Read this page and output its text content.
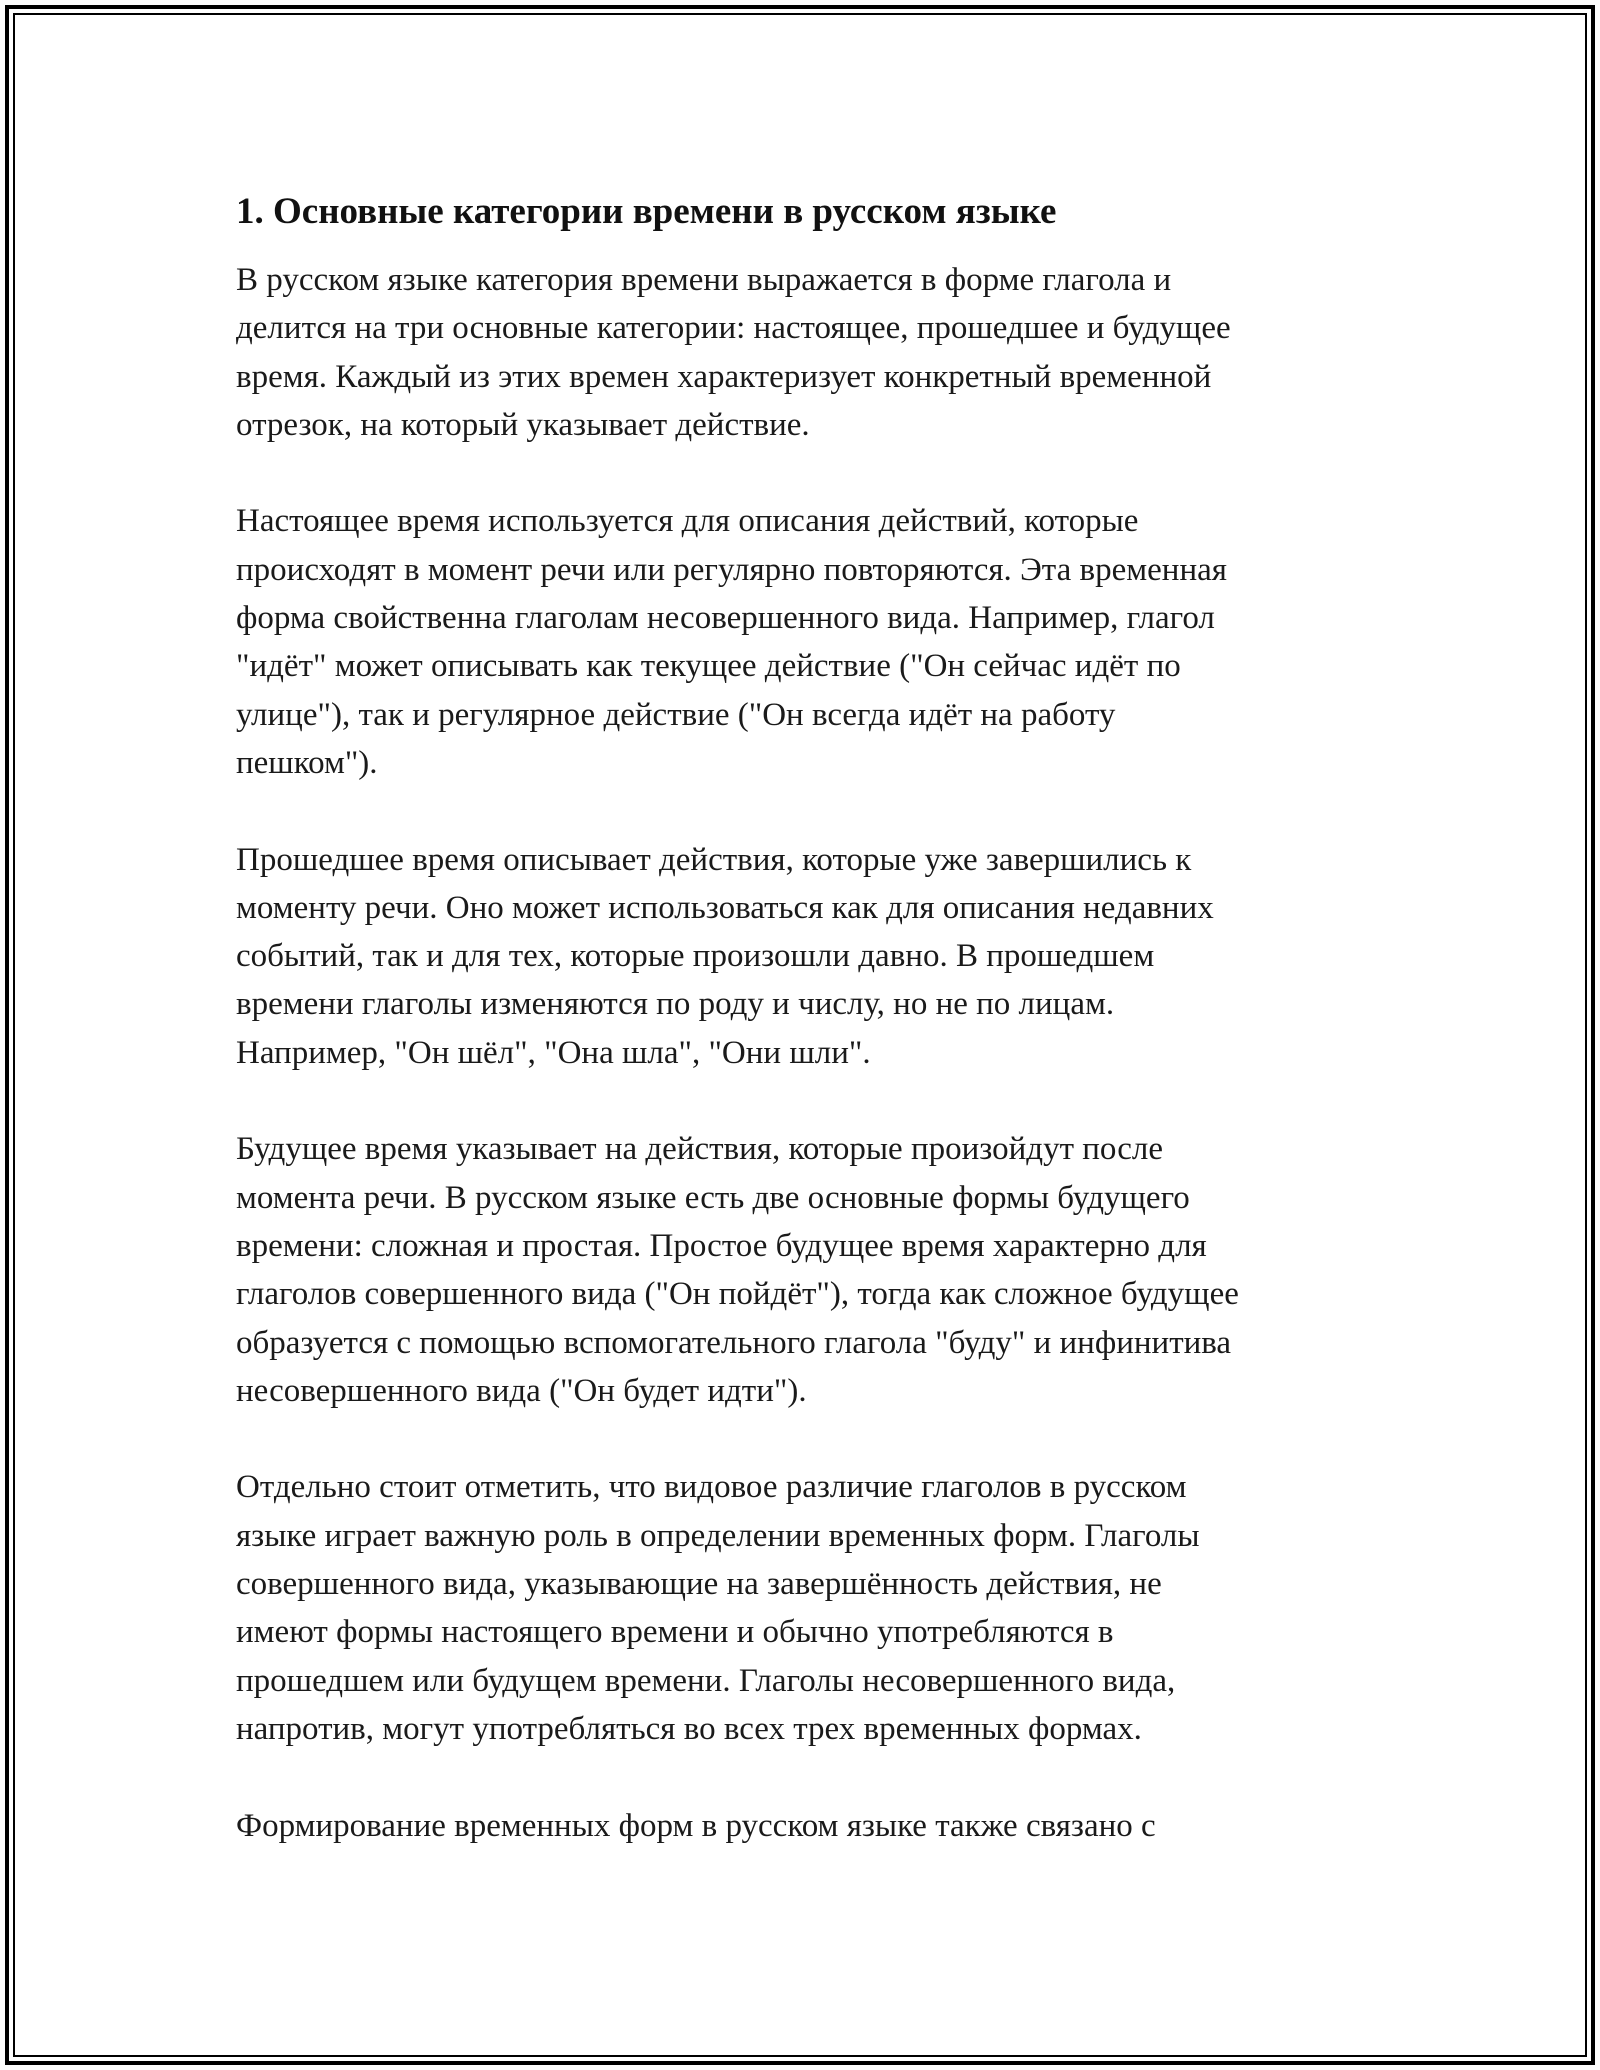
1. Основные категории времени в русском языке

В русском языке категория времени выражается в форме глагола и
делится на три основные категории: настоящее, прошедшее и будущее
время. Каждый из этих времен характеризует конкретный временной
отрезок, на который указывает действие.

Настоящее время используется для описания действий, которые
происходят в момент речи или регулярно повторяются. Эта временная
форма свойственна глаголам несовершенного вида. Например, глагол
"идёт" может описывать как текущее действие ("Он сейчас идёт по
улице"), так и регулярное действие ("Он всегда идёт на работу
пешком").

Прошедшее время описывает действия, которые уже завершились к
моменту речи. Оно может использоваться как для описания недавних
событий, так и для тех, которые произошли давно. В прошедшем
времени глаголы изменяются по роду и числу, но не по лицам.
Например, "Он шёл", "Она шла", "Они шли".

Будущее время указывает на действия, которые произойдут после
момента речи. В русском языке есть две основные формы будущего
времени: сложная и простая. Простое будущее время характерно для
глаголов совершенного вида ("Он пойдёт"), тогда как сложное будущее
образуется с помощью вспомогательного глагола "буду" и инфинитива
несовершенного вида ("Он будет идти").

Отдельно стоит отметить, что видовое различие глаголов в русском
языке играет важную роль в определении временных форм. Глаголы
совершенного вида, указывающие на завершённость действия, не
имеют формы настоящего времени и обычно употребляются в
прошедшем или будущем времени. Глаголы несовершенного вида,
напротив, могут употребляться во всех трех временных формах.

Формирование временных форм в русском языке также связано с
